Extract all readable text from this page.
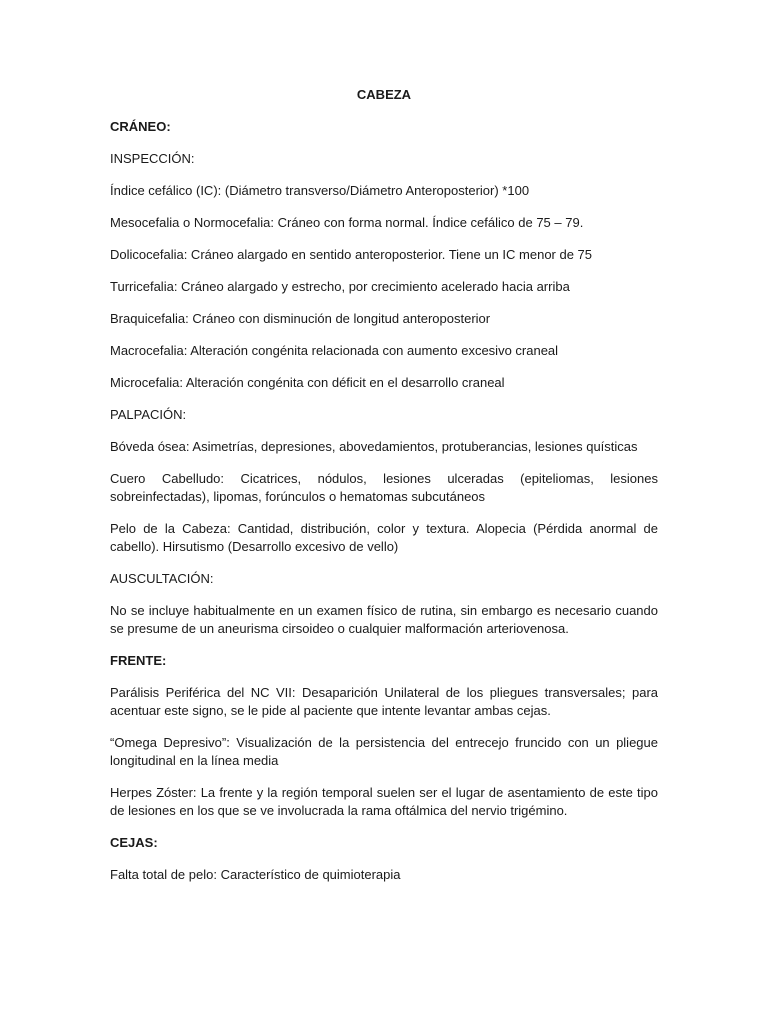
CABEZA
CRÁNEO:
INSPECCIÓN:
Índice cefálico (IC): (Diámetro transverso/Diámetro Anteroposterior) *100
Mesocefalia o Normocefalia: Cráneo con forma normal. Índice cefálico de 75 – 79.
Dolicocefalia: Cráneo alargado en sentido anteroposterior. Tiene un IC menor de 75
Turricefalia: Cráneo alargado y estrecho, por crecimiento acelerado hacia arriba
Braquicefalia: Cráneo con disminución de longitud anteroposterior
Macrocefalia: Alteración congénita relacionada con aumento excesivo craneal
Microcefalia: Alteración congénita con déficit en el desarrollo craneal
PALPACIÓN:
Bóveda ósea: Asimetrías, depresiones, abovedamientos, protuberancias, lesiones quísticas
Cuero Cabelludo: Cicatrices, nódulos, lesiones ulceradas (epiteliomas, lesiones sobreinfectadas), lipomas, forúnculos o hematomas subcutáneos
Pelo de la Cabeza: Cantidad, distribución, color y textura. Alopecia (Pérdida anormal de cabello). Hirsutismo (Desarrollo excesivo de vello)
AUSCULTACIÓN:
No se incluye habitualmente en un examen físico de rutina, sin embargo es necesario cuando se presume de un aneurisma cirsoideo o cualquier malformación arteriovenosa.
FRENTE:
Parálisis Periférica del NC VII: Desaparición Unilateral de los pliegues transversales; para acentuar este signo, se le pide al paciente que intente levantar ambas cejas.
“Omega Depresivo”: Visualización de la persistencia del entrecejo fruncido con un pliegue longitudinal en la línea media
Herpes Zóster: La frente y la región temporal suelen ser el lugar de asentamiento de este tipo de lesiones en los que se ve involucrada la rama oftálmica del nervio trigémino.
CEJAS:
Falta total de pelo: Característico de quimioterapia
